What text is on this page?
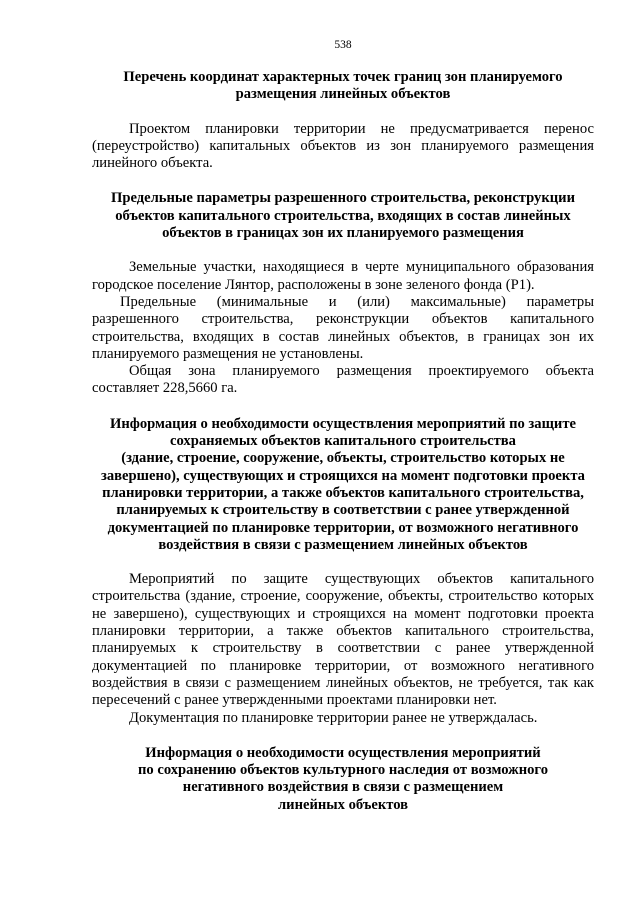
538
Перечень координат характерных точек границ зон планируемого
размещения линейных объектов

Проектом планировки территории не предусматривается перенос (переустройство) капитальных объектов из зон планируемого размещения линейного объекта.

Предельные параметры разрешенного строительства, реконструкции
объектов капитального строительства, входящих в состав линейных
объектов в границах зон их планируемого размещения

Земельные участки, находящиеся в черте муниципального образования городское поселение Лянтор, расположены в зоне зеленого фонда (Р1).

Предельные (минимальные и (или) максимальные) параметры разрешенного строительства, реконструкции объектов капитального строительства, входящих в состав линейных объектов, в границах зон их планируемого размещения не установлены.

Общая зона планируемого размещения проектируемого объекта составляет 228,5660 га.

Информация о необходимости осуществления мероприятий по защите
сохраняемых объектов капитального строительства
(здание, строение, сооружение, объекты, строительство которых не
завершено), существующих и строящихся на момент подготовки проекта
планировки территории, а также объектов капитального строительства,
планируемых к строительству в соответствии с ранее утвержденной
документацией по планировке территории, от возможного негативного
воздействия в связи с размещением линейных объектов

Мероприятий по защите существующих объектов капитального строительства (здание, строение, сооружение, объекты, строительство которых не завершено), существующих и строящихся на момент подготовки проекта планировки территории, а также объектов капитального строительства, планируемых к строительству в соответствии с ранее утвержденной документацией по планировке территории, от возможного негативного воздействия в связи с размещением линейных объектов, не требуется, так как пересечений с ранее утвержденными проектами планировки нет.

Документация по планировке территории ранее не утверждалась.

Информация о необходимости осуществления мероприятий
по сохранению объектов культурного наследия от возможного
негативного воздействия в связи с размещением
линейных объектов
